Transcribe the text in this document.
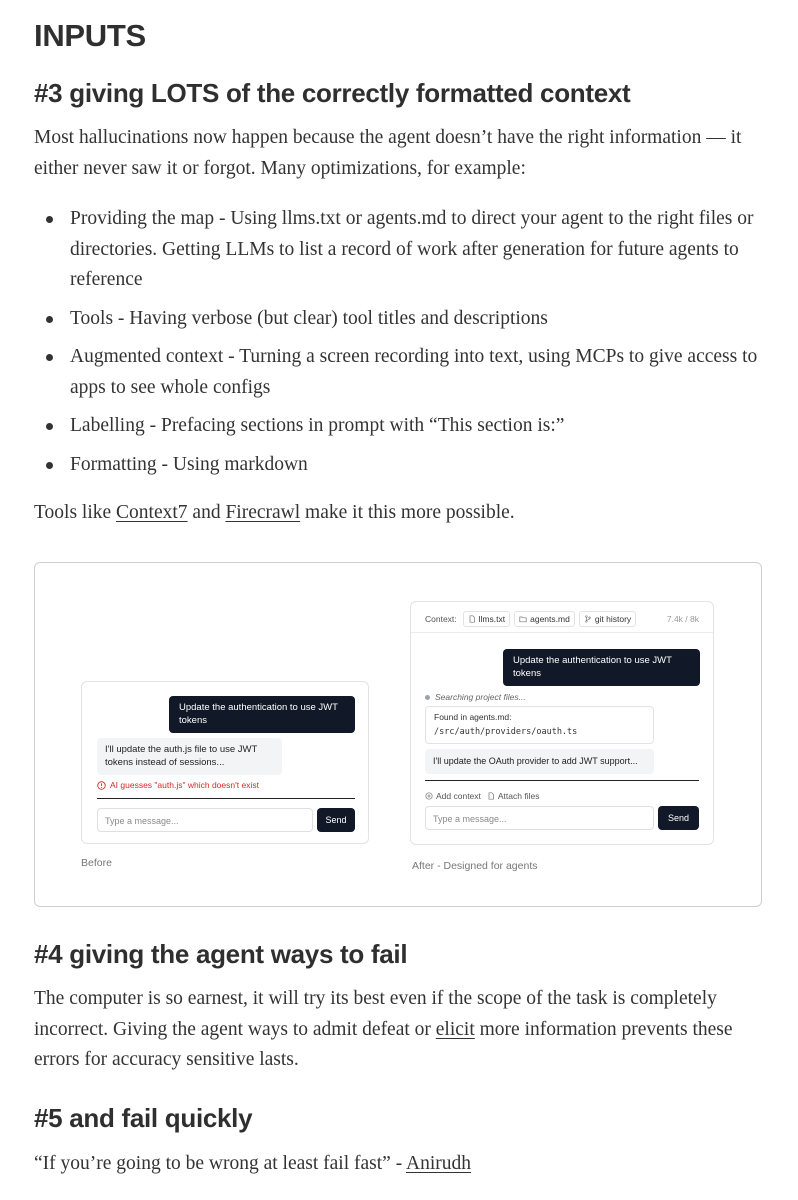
INPUTS
#3 giving LOTS of the correctly formatted context
Most hallucinations now happen because the agent doesn’t have the right information — it either never saw it or forgot. Many optimizations, for example:
Providing the map - Using llms.txt or agents.md to direct your agent to the right files or directories. Getting LLMs to list a record of work after generation for future agents to reference
Tools - Having verbose (but clear) tool titles and descriptions
Augmented context - Turning a screen recording into text, using MCPs to give access to apps to see whole configs
Labelling - Prefacing sections in prompt with “This section is:”
Formatting - Using markdown
Tools like Context7 and Firecrawl make it this more possible.
Update the authentication to use JWT tokens
I'll update the auth.js file to use JWT tokens instead of sessions...
AI guesses "auth.js" which doesn't exist
Type a message...	Send
Before
Context:	llms.txt	agents.md	git history	7.4k / 8k
Update the authentication to use JWT tokens
Searching project files...
Found in agents.md:
/src/auth/providers/oauth.ts
I'll update the OAuth provider to add JWT support...
Add context Attach files
Type a message...	Send
After - Designed for agents
#4 giving the agent ways to fail
The computer is so earnest, it will try its best even if the scope of the task is completely incorrect. Giving the agent ways to admit defeat or elicit more information prevents these errors for accuracy sensitive lasts.
#5 and fail quickly
“If you’re going to be wrong at least fail fast” - Anirudh
